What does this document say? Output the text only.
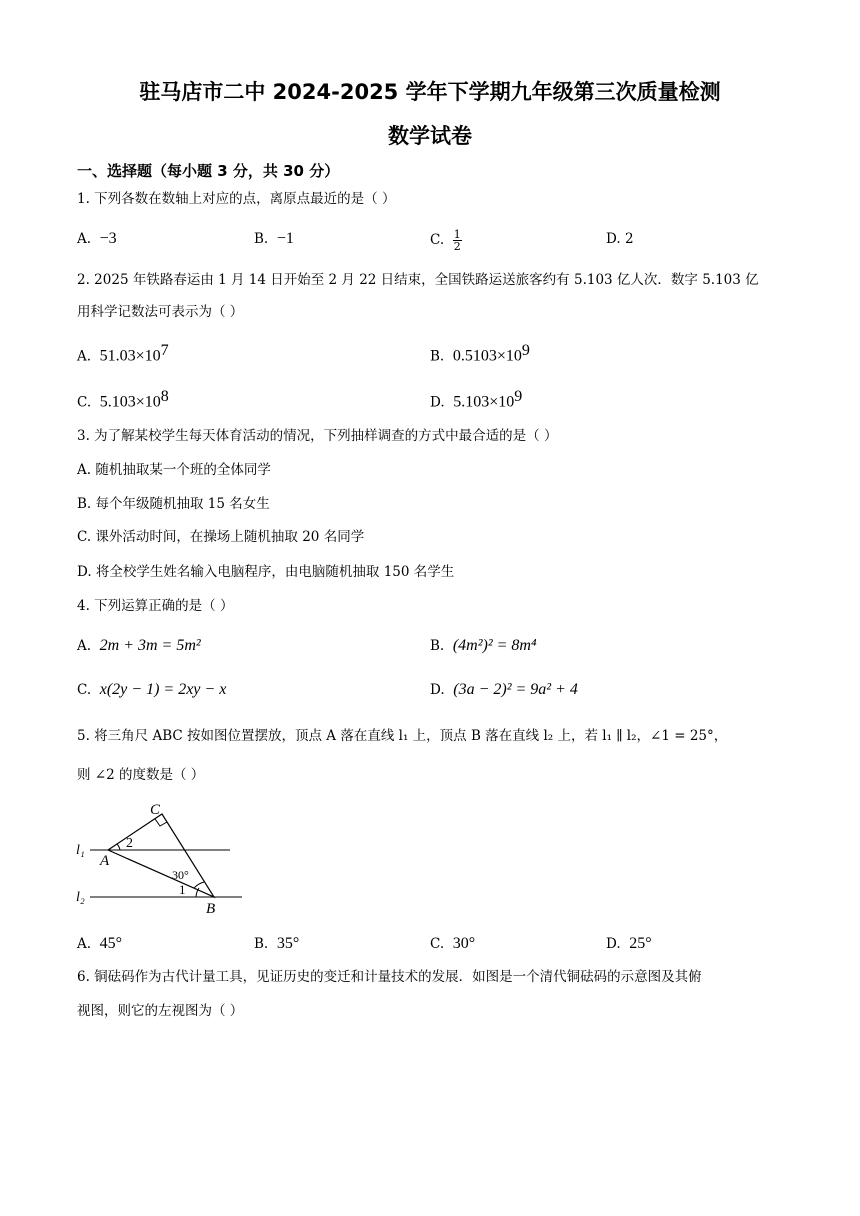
驻马店市二中 2024-2025 学年下学期九年级第三次质量检测
数学试卷
一、选择题（每小题 3 分，共 30 分）
1. 下列各数在数轴上对应的点，离原点最近的是（ ）
A. −3	B. −1	C. $\frac{1}{2}$	D. 2
2. 2025 年铁路春运由 1 月 14 日开始至 2 月 22 日结束，全国铁路运送旅客约有 5.103 亿人次．数字 5.103 亿
用科学记数法可表示为（ ）
A. $51.03\times 10^7$	B. $0.5103\times 10^9$
C. $5.103\times 10^8$	D. $5.103\times 10^9$
3. 为了解某校学生每天体育活动的情况，下列抽样调查的方式中最合适的是（ ）
A. 随机抽取某一个班的全体同学
B. 每个年级随机抽取 15 名女生
C. 课外活动时间，在操场上随机抽取 20 名同学
D. 将全校学生姓名输入电脑程序，由电脑随机抽取 150 名学生
4. 下列运算正确的是（ ）
A. 2m + 3m = 5m²	B. (4m²)² = 8m⁴
C. x(2y − 1) = 2xy − x	D. (3a − 2)² = 9a² + 4
5. 将三角尺 ABC 按如图位置摆放，顶点 A 落在直线 l₁ 上，顶点 B 落在直线 l₂ 上，若 l₁ ∥ l₂，∠1 = 25°，
则 ∠2 的度数是（ ）
C
A
B
l₁
l₂
2
1
30°
A. 45°	B. 35°	C. 30°	D. 25°
6. 铜砝码作为古代计量工具，见证历史的变迁和计量技术的发展．如图是一个清代铜砝码的示意图及其俯
视图，则它的左视图为（ ）
